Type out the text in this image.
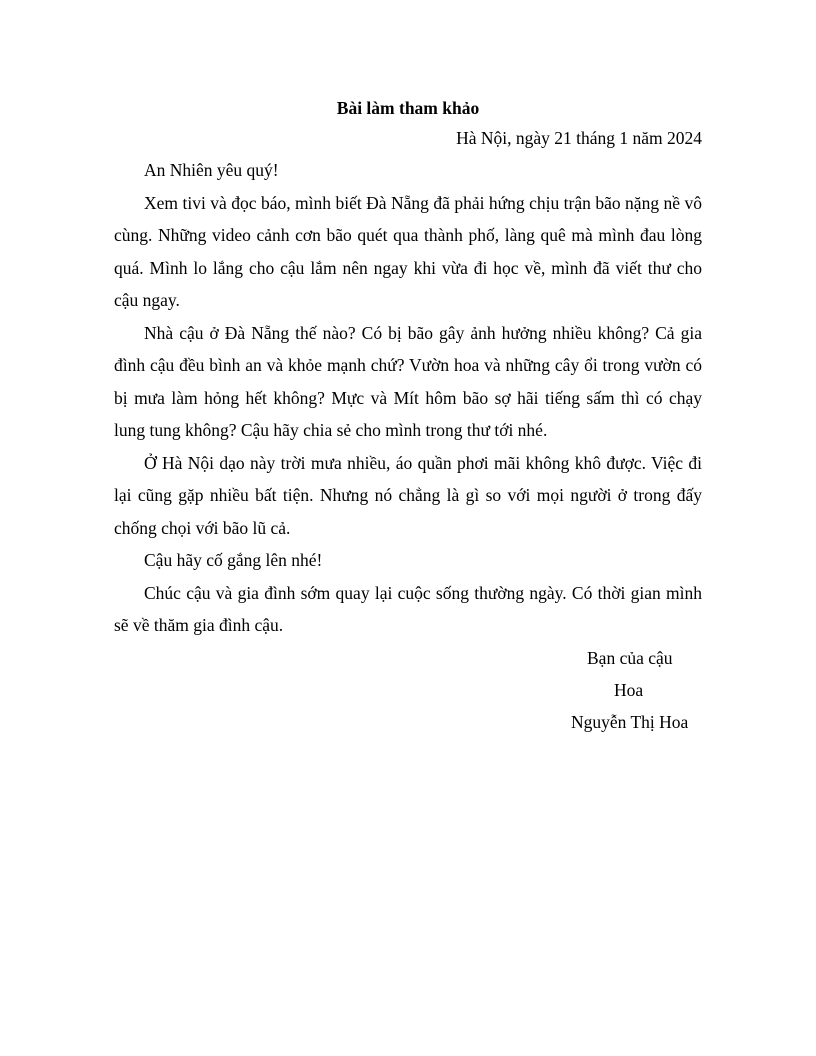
Bài làm tham khảo

Hà Nội, ngày 21 tháng 1 năm 2024

An Nhiên yêu quý!

Xem tivi và đọc báo, mình biết Đà Nẵng đã phải hứng chịu trận bão nặng nề vô cùng. Những video cảnh cơn bão quét qua thành phố, làng quê mà mình đau lòng quá. Mình lo lắng cho cậu lắm nên ngay khi vừa đi học về, mình đã viết thư cho cậu ngay.

Nhà cậu ở Đà Nẵng thế nào? Có bị bão gây ảnh hưởng nhiều không? Cả gia đình cậu đều bình an và khỏe mạnh chứ? Vườn hoa và những cây ổi trong vườn có bị mưa làm hỏng hết không? Mực và Mít hôm bão sợ hãi tiếng sấm thì có chạy lung tung không? Cậu hãy chia sẻ cho mình trong thư tới nhé.

Ở Hà Nội dạo này trời mưa nhiều, áo quần phơi mãi không khô được. Việc đi lại cũng gặp nhiều bất tiện. Nhưng nó chẳng là gì so với mọi người ở trong đấy chống chọi với bão lũ cả.

Cậu hãy cố gắng lên nhé!

Chúc cậu và gia đình sớm quay lại cuộc sống thường ngày. Có thời gian mình sẽ về thăm gia đình cậu.

Bạn của cậu
Hoa
Nguyễn Thị Hoa
